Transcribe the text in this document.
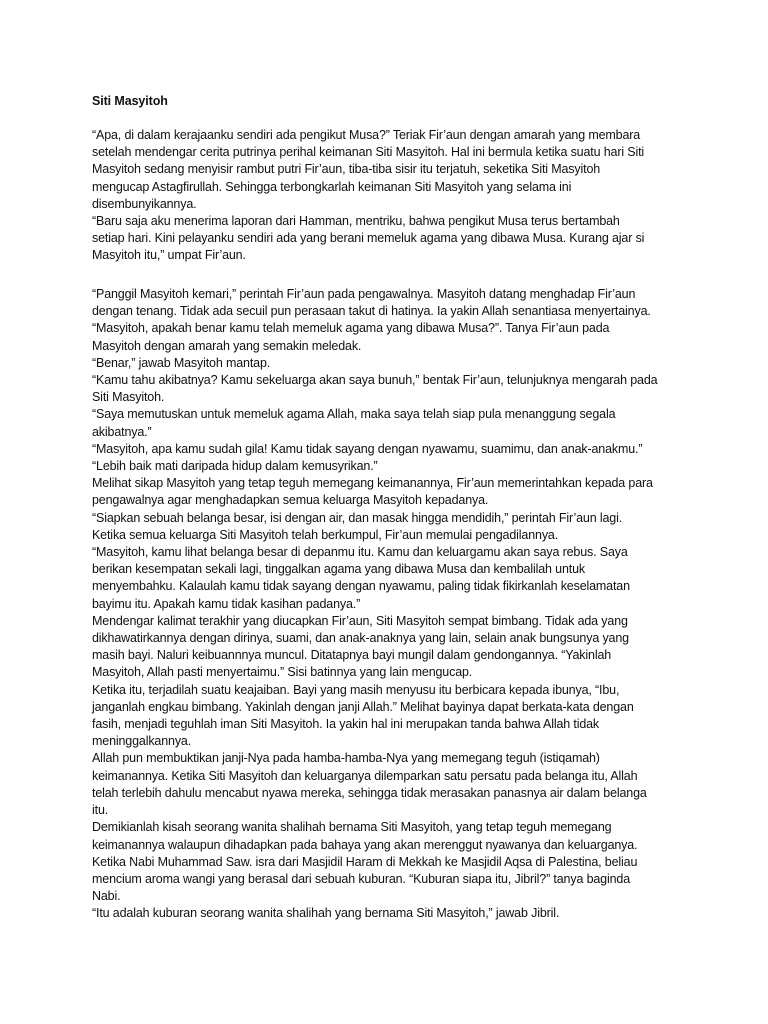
Siti Masyitoh
“Apa, di dalam kerajaanku sendiri ada pengikut Musa?” Teriak Fir’aun dengan amarah yang membara
setelah mendengar cerita putrinya perihal keimanan Siti Masyitoh. Hal ini bermula ketika suatu hari Siti
Masyitoh sedang menyisir rambut putri Fir’aun, tiba-tiba sisir itu terjatuh, seketika Siti Masyitoh
mengucap Astagfirullah. Sehingga terbongkarlah keimanan Siti Masyitoh yang selama ini
disembunyikannya.
“Baru saja aku menerima laporan dari Hamman, mentriku, bahwa pengikut Musa terus bertambah
setiap hari. Kini pelayanku sendiri ada yang berani memeluk agama yang dibawa Musa. Kurang ajar si
Masyitoh itu,” umpat Fir’aun.
“Panggil Masyitoh kemari,” perintah Fir’aun pada pengawalnya. Masyitoh datang menghadap Fir’aun
dengan tenang. Tidak ada secuil pun perasaan takut di hatinya. Ia yakin Allah senantiasa menyertainya.
“Masyitoh, apakah benar kamu telah memeluk agama yang dibawa Musa?”. Tanya Fir’aun pada
Masyitoh dengan amarah yang semakin meledak.
“Benar,” jawab Masyitoh mantap.
“Kamu tahu akibatnya? Kamu sekeluarga akan saya bunuh,” bentak Fir’aun, telunjuknya mengarah pada
Siti Masyitoh.
“Saya memutuskan untuk memeluk agama Allah, maka saya telah siap pula menanggung segala
akibatnya.”
“Masyitoh, apa kamu sudah gila! Kamu tidak sayang dengan nyawamu, suamimu, dan anak-anakmu.”
“Lebih baik mati daripada hidup dalam kemusyrikan.”
Melihat sikap Masyitoh yang tetap teguh memegang keimanannya, Fir’aun memerintahkan kepada para
pengawalnya agar menghadapkan semua keluarga Masyitoh kepadanya.
“Siapkan sebuah belanga besar, isi dengan air, dan masak hingga mendidih,” perintah Fir’aun lagi.
Ketika semua keluarga Siti Masyitoh telah berkumpul, Fir’aun memulai pengadilannya.
“Masyitoh, kamu lihat belanga besar di depanmu itu. Kamu dan keluargamu akan saya rebus. Saya
berikan kesempatan sekali lagi, tinggalkan agama yang dibawa Musa dan kembalilah untuk
menyembahku. Kalaulah kamu tidak sayang dengan nyawamu, paling tidak fikirkanlah keselamatan
bayimu itu. Apakah kamu tidak kasihan padanya.”
Mendengar kalimat terakhir yang diucapkan Fir’aun, Siti Masyitoh sempat bimbang. Tidak ada yang
dikhawatirkannya dengan dirinya, suami, dan anak-anaknya yang lain, selain anak bungsunya yang
masih bayi. Naluri keibuannnya muncul. Ditatapnya bayi mungil dalam gendongannya. “Yakinlah
Masyitoh, Allah pasti menyertaimu.” Sisi batinnya yang lain mengucap.
Ketika itu, terjadilah suatu keajaiban. Bayi yang masih menyusu itu berbicara kepada ibunya, “Ibu,
janganlah engkau bimbang. Yakinlah dengan janji Allah.” Melihat bayinya dapat berkata-kata dengan
fasih, menjadi teguhlah iman Siti Masyitoh. Ia yakin hal ini merupakan tanda bahwa Allah tidak
meninggalkannya.
Allah pun membuktikan janji-Nya pada hamba-hamba-Nya yang memegang teguh (istiqamah)
keimanannya. Ketika Siti Masyitoh dan keluarganya dilemparkan satu persatu pada belanga itu, Allah
telah terlebih dahulu mencabut nyawa mereka, sehingga tidak merasakan panasnya air dalam belanga
itu.
Demikianlah kisah seorang wanita shalihah bernama Siti Masyitoh, yang tetap teguh memegang
keimanannya walaupun dihadapkan pada bahaya yang akan merenggut nyawanya dan keluarganya.
Ketika Nabi Muhammad Saw. isra dari Masjidil Haram di Mekkah ke Masjidil Aqsa di Palestina, beliau
mencium aroma wangi yang berasal dari sebuah kuburan. “Kuburan siapa itu, Jibril?” tanya baginda
Nabi.
“Itu adalah kuburan seorang wanita shalihah yang bernama Siti Masyitoh,” jawab Jibril.
